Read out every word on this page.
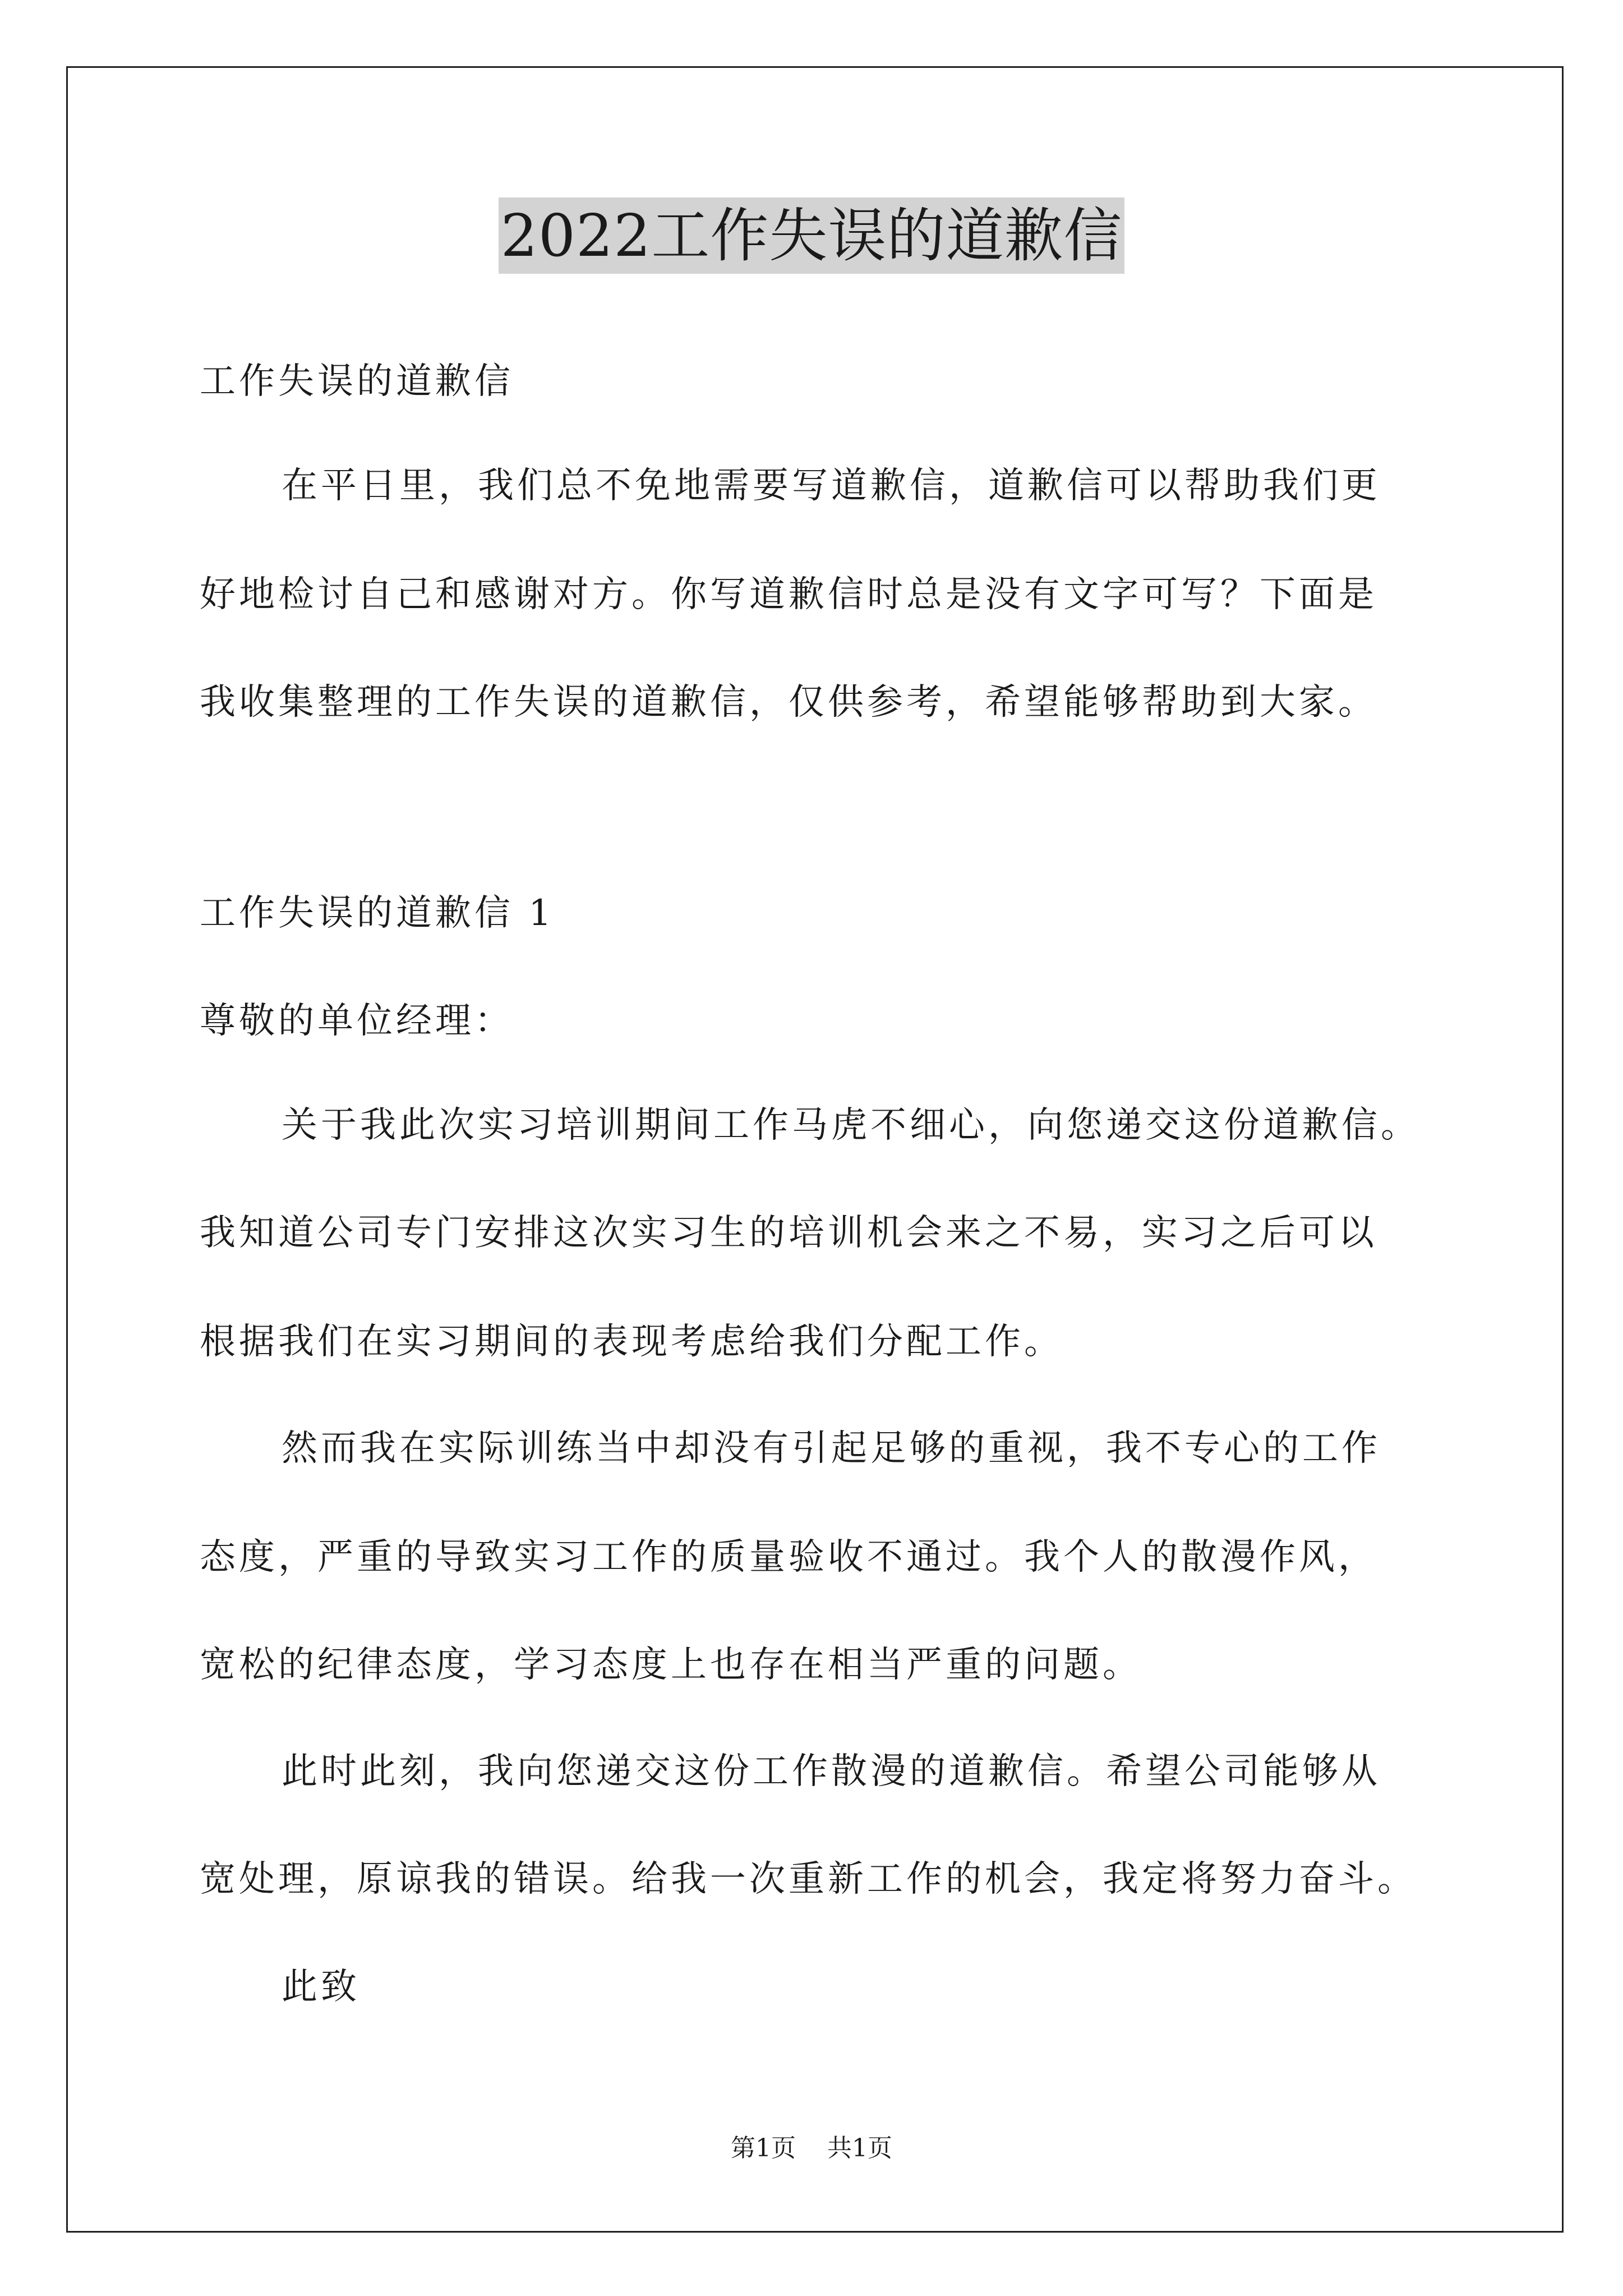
2022工作失误的道歉信
工作失误的道歉信
在平日里，我们总不免地需要写道歉信，道歉信可以帮助我们更
好地检讨自己和感谢对方。你写道歉信时总是没有文字可写？下面是
我收集整理的工作失误的道歉信，仅供参考，希望能够帮助到大家。
工作失误的道歉信 1
尊敬的单位经理：
关于我此次实习培训期间工作马虎不细心，向您递交这份道歉信。
我知道公司专门安排这次实习生的培训机会来之不易，实习之后可以
根据我们在实习期间的表现考虑给我们分配工作。
然而我在实际训练当中却没有引起足够的重视，我不专心的工作
态度，严重的导致实习工作的质量验收不通过。我个人的散漫作风，
宽松的纪律态度，学习态度上也存在相当严重的问题。
此时此刻，我向您递交这份工作散漫的道歉信。希望公司能够从
宽处理，原谅我的错误。给我一次重新工作的机会，我定将努力奋斗。
此致
第1页 共1页
